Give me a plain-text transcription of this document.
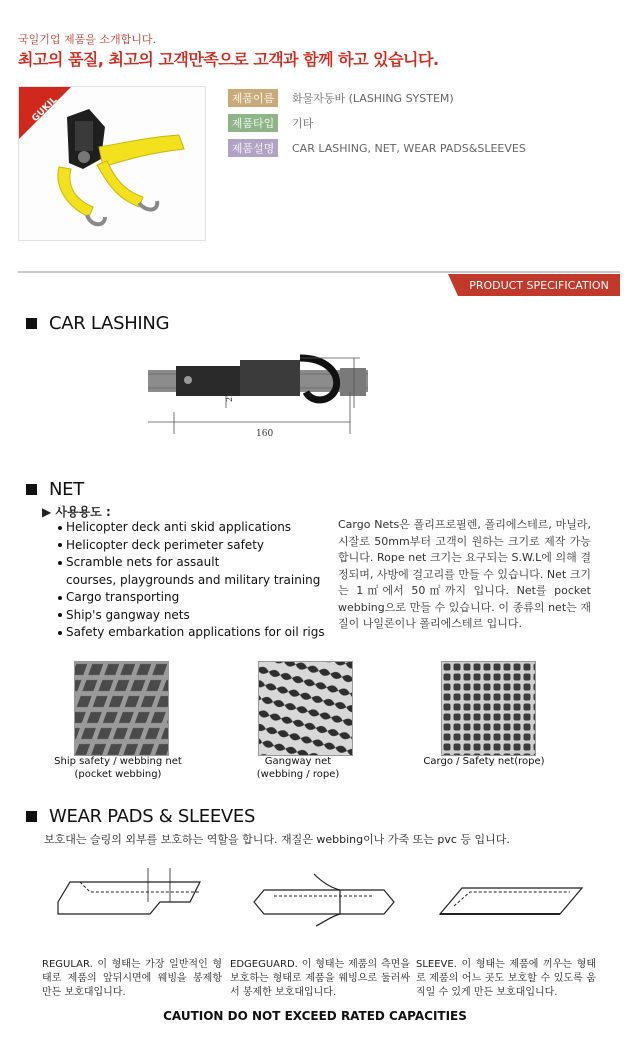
국일기업 제품을 소개합니다.
최고의 품질, 최고의 고객만족으로 고객과 함께 하고 있습니다.
GUKIL	제품이름	화물자동바 (LASHING SYSTEM)
제품타입	기타
제품설명	CAR LASHING, NET, WEAR PADS&SLEEVES
PRODUCT SPECIFICATION
CAR LASHING
160
22
NET
▶ 사용용도 :
Helicopter deck anti skid applications
Helicopter deck perimeter safety
Scramble nets for assault
courses, playgrounds and military training
Cargo transporting
Ship's gangway nets
Safety embarkation applications for oil rigs
Cargo Nets은 폴리프로필렌, 폴리에스테르, 마닐라, 시잘로 50mm부터 고객이 원하는 크기로 제작 가능합니다. Rope net 크기는 요구되는 S.W.L에 의해 결정되며, 사방에 걸고리를 만들 수 있습니다. Net 크기는 1㎡에서 50㎡까지 입니다. Net를 pocket webbing으로 만들 수 있습니다. 이 종류의 net는 재질이 나일론이나 폴리에스테르 입니다.
Ship safety / webbing net
(pocket webbing)
Gangway net
(webbing / rope)
Cargo / Safety net(rope)
WEAR PADS & SLEEVES
보호대는 슬링의 외부를 보호하는 역할을 합니다. 재질은 webbing이나 가죽 또는 pvc 등 입니다.
REGULAR. 이 형태는 가장 일반적인 형태로 제품의 앞뒤시면에 웨빙을 봉제항 만든 보호대입니다.
EDGEGUARD. 이 형태는 제품의 측면을 보호하는 형태로 제품을 웨빙으로 둘러싸서 봉제한 보호대입니다.
SLEEVE. 이 형태는 제품에 끼우는 형태로 제품의 어느 곳도 보호할 수 있도록 움직일 수 있게 만든 보호대입니다.
CAUTION DO NOT EXCEED RATED CAPACITIES
